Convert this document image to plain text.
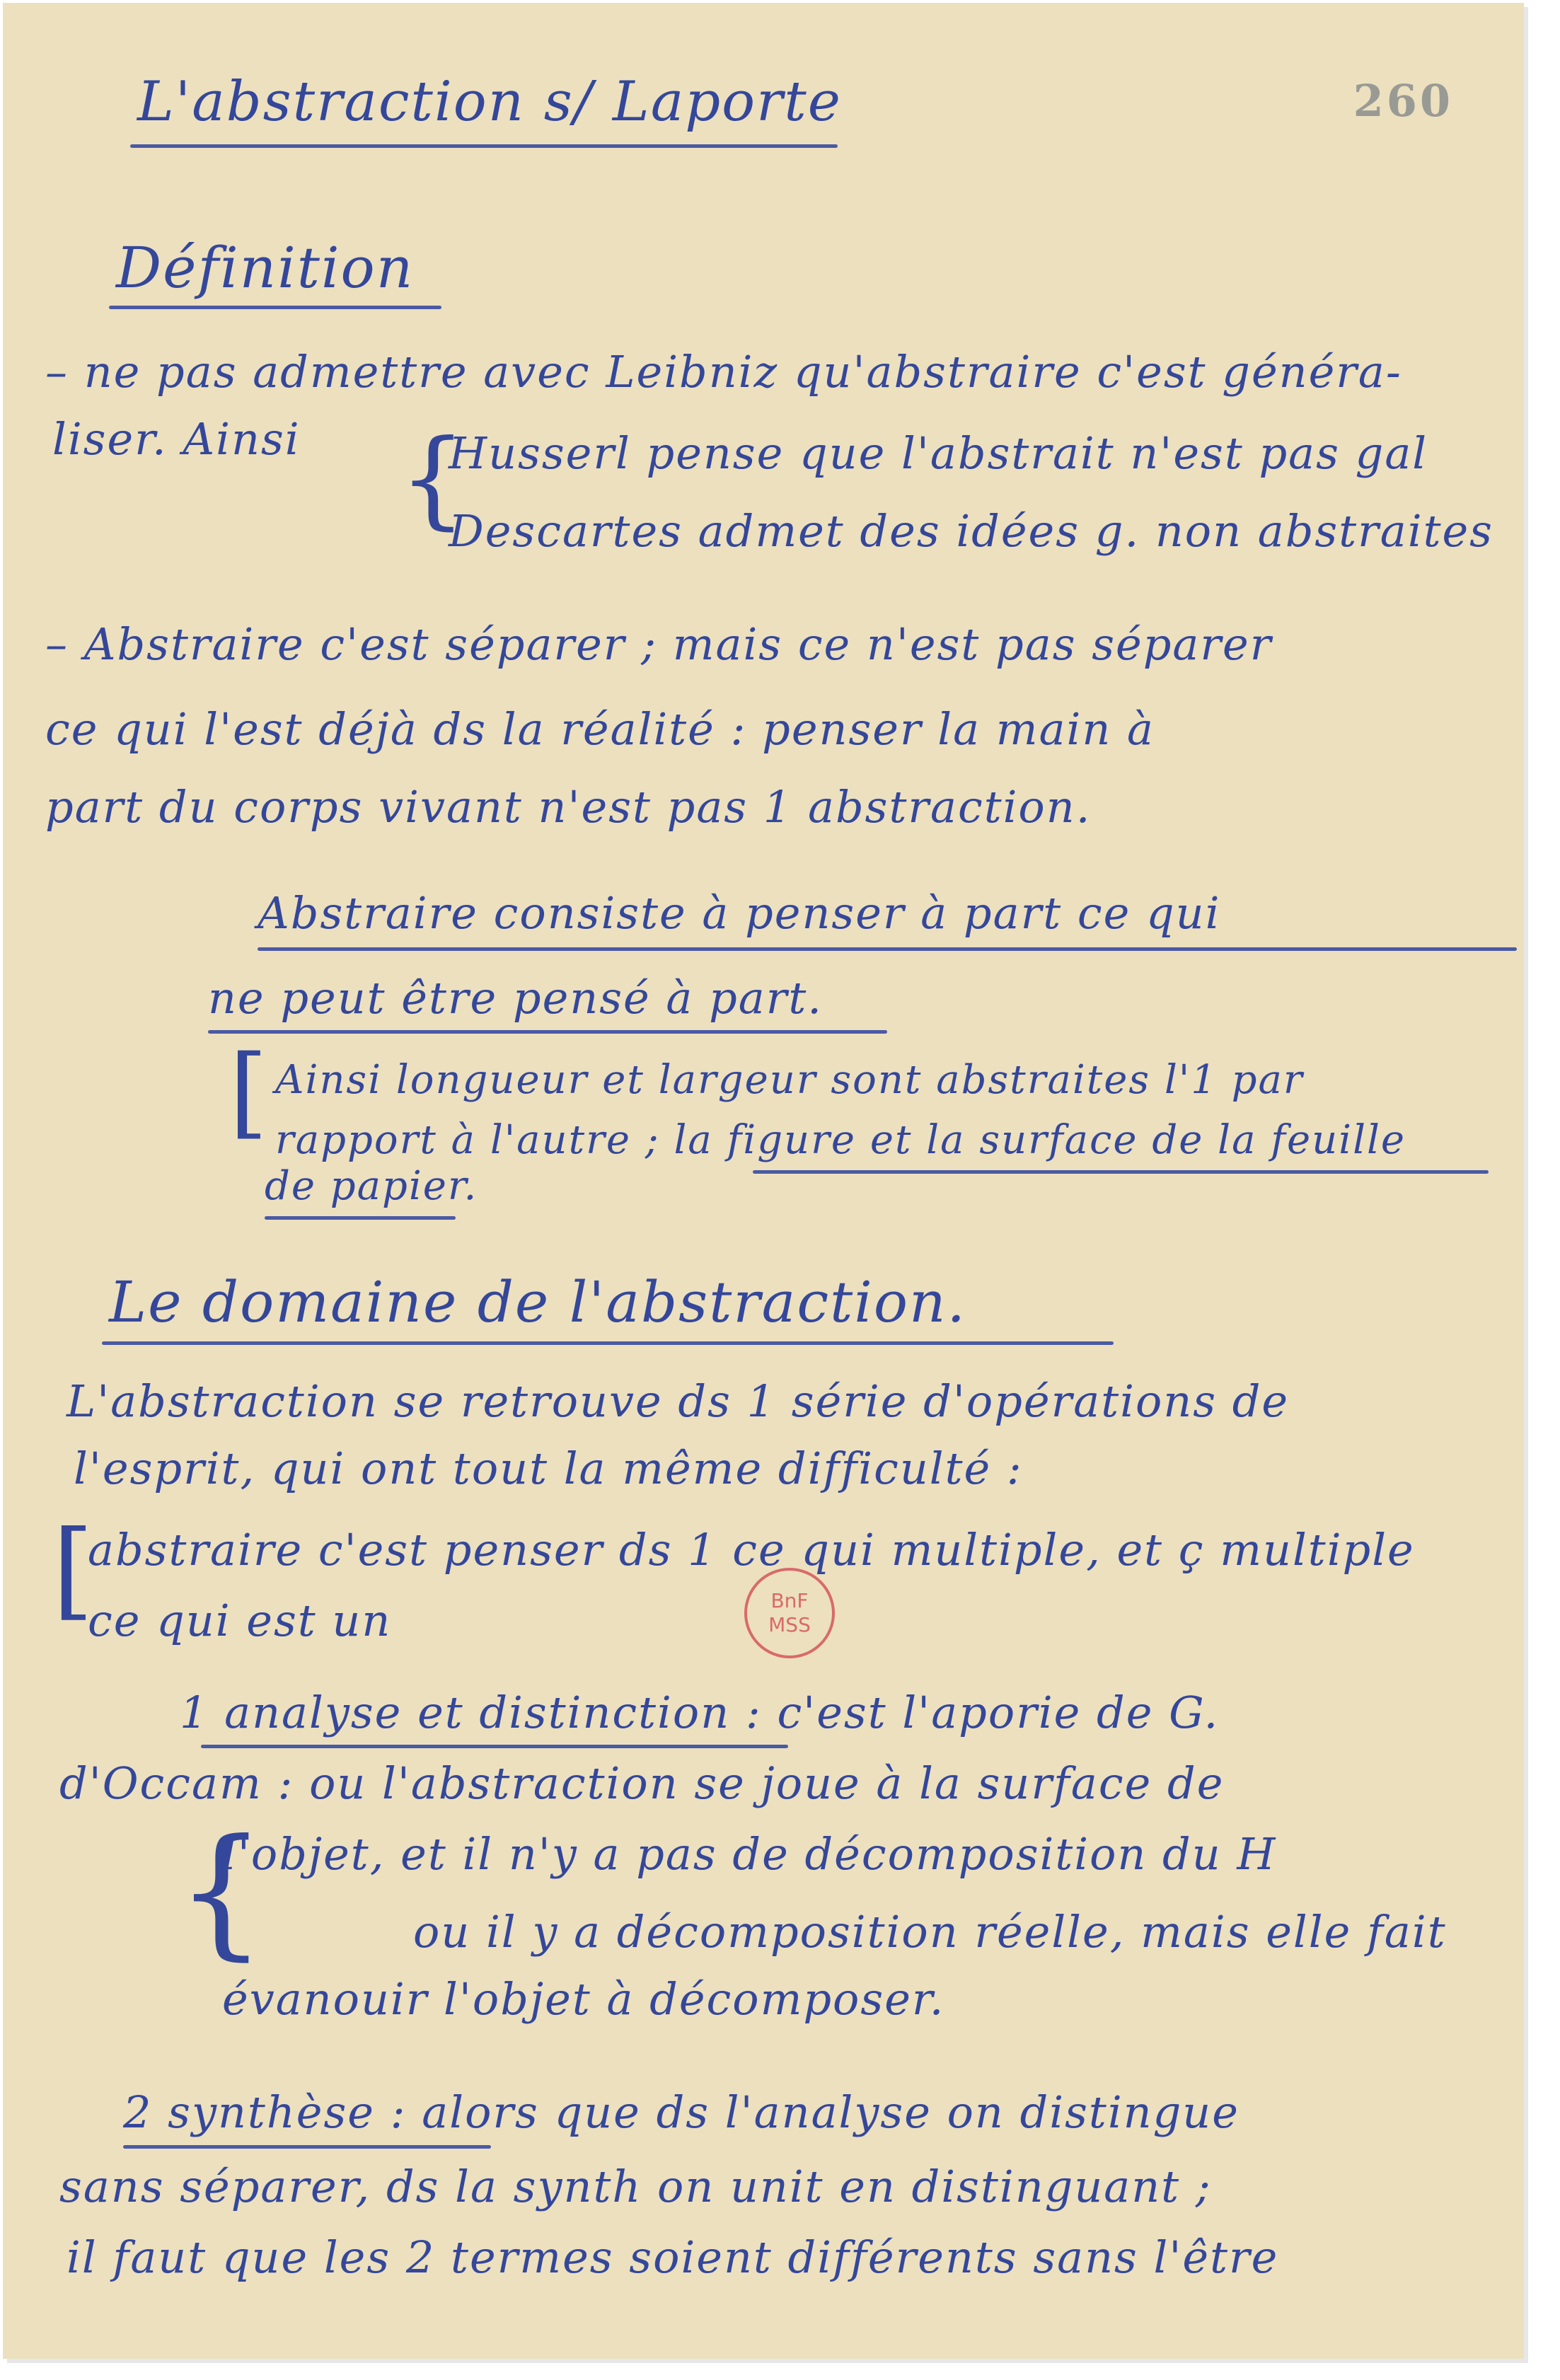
L'abstraction s/ Laporte	260
Définition
– ne pas admettre avec Leibniz qu'abstraire c'est généra-
liser. Ainsi {
Husserl pense que l'abstrait n'est pas gal
Descartes admet des idées g. non abstraites
– Abstraire c'est séparer ; mais ce n'est pas séparer
ce qui l'est déjà ds la réalité : penser la main à
part du corps vivant n'est pas 1 abstraction.
Abstraire consiste à penser à part ce qui
ne peut être pensé à part.
[ Ainsi longueur et largeur sont abstraites l'1 par
rapport à l'autre ; la figure et la surface de la feuille
de papier.
Le domaine de l'abstraction.
L'abstraction se retrouve ds 1 série d'opérations de
l'esprit, qui ont tout la même difficulté :
[
abstraire c'est penser ds 1 ce qui multiple, et ç multiple
ce qui est un	BnF
MSS
1 analyse et distinction : c'est l'aporie de G.
d'Occam : ou l'abstraction se joue à la surface de
{
l'objet, et il n'y a pas de décomposition du H
ou il y a décomposition réelle, mais elle fait
évanouir l'objet à décomposer.
2 synthèse : alors que ds l'analyse on distingue
sans séparer, ds la synth on unit en distinguant ;
il faut que les 2 termes soient différents sans l'être
